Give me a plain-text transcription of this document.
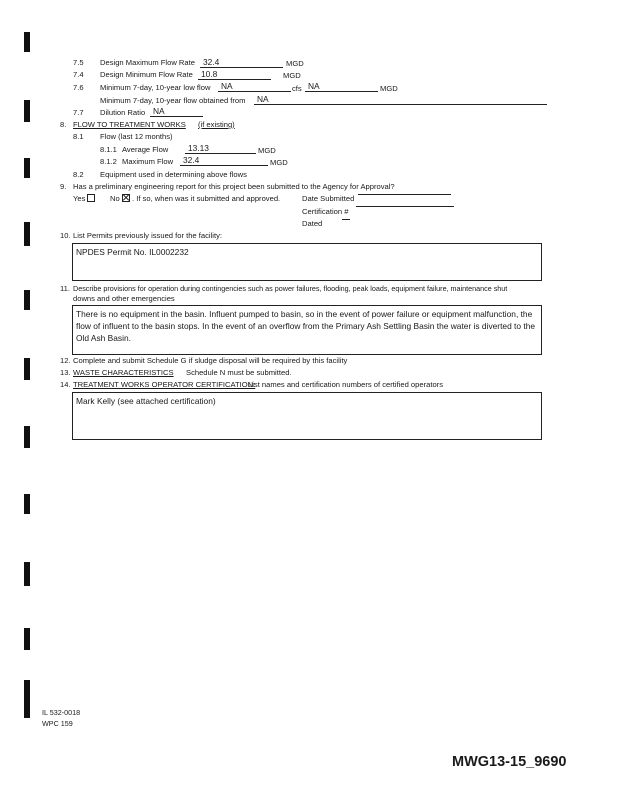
7.5 Design Maximum Flow Rate 32.4	MGD
7.4 Design Minimum Flow Rate 10.8	MGD
7.6 Minimum 7-day, 10-year low flow	NA	cfs NA	MGD
Minimum 7-day, 10-year flow obtained from	NA
7.7 Dilution Ratio NA
8. FLOW TO TREATMENT WORKS (if existing)
8.1 Flow (last 12 months)
8.1.1 Average Flow	13.13	MGD
8.1.2 Maximum Flow	32.4	MGD
8.2 Equipment used in determining above flows
9. Has a preliminary engineering report for this project been submitted to the Agency for Approval?
Yes	No	. If so, when was it submitted and approved.	Date Submitted
Certification #
Dated
10. List Permits previously issued for the facility:
NPDES Permit No. IL0002232
11. Describe provisions for operation during contingencies such as power failures, flooding, peak loads, equipment failure, maintenance shut
downs and other emergencies
There is no equipment in the basin. Influent pumped to basin, so in the event of power failure or equipment malfunction, the flow of influent to the basin stops. In the event of an overflow from the Primary Ash Settling Basin the water is diverted to the Old Ash Basin.
12. Complete and submit Schedule G if sludge disposal will be required by this facility
13. WASTE CHARACTERISTICS Schedule N must be submitted.
14. TREATMENT WORKS OPERATOR CERTIFICATION:
List names and certification numbers of certified operators
Mark Kelly (see attached certification)
IL 532-0018
WPC 159
MWG13-15_9690
